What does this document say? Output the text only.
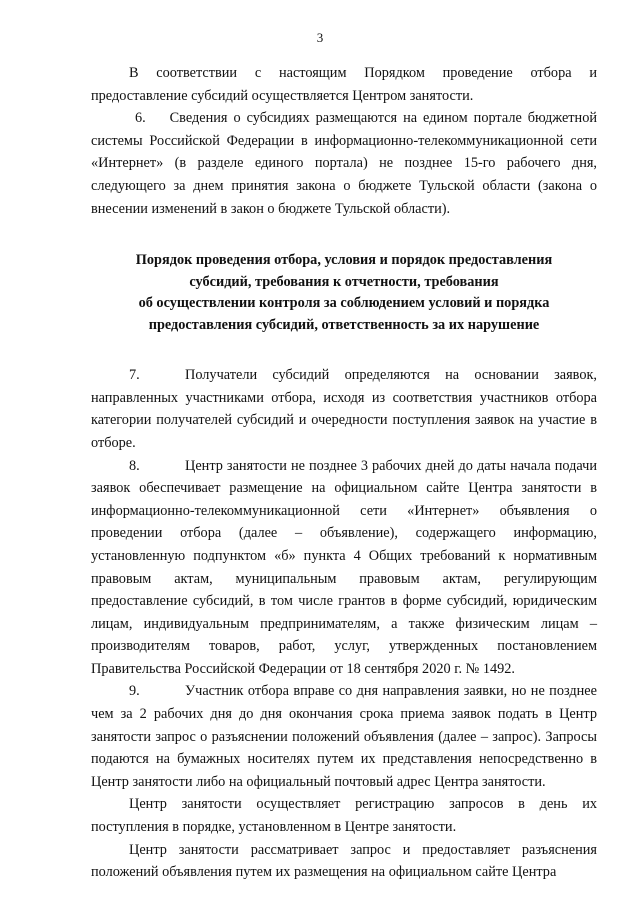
3

В соответствии с настоящим Порядком проведение отбора и предоставление субсидий осуществляется Центром занятости.

6. Сведения о субсидиях размещаются на едином портале бюджетной системы Российской Федерации в информационно-телекоммуникационной сети «Интернет» (в разделе единого портала) не позднее 15-го рабочего дня, следующего за днем принятия закона о бюджете Тульской области (закона о внесении изменений в закон о бюджете Тульской области).

Порядок проведения отбора, условия и порядок предоставления
субсидий, требования к отчетности, требования
об осуществлении контроля за соблюдением условий и порядка
предоставления субсидий, ответственность за их нарушение

7.	Получатели субсидий определяются на основании заявок, направленных участниками отбора, исходя из соответствия участников отбора категории получателей субсидий и очередности поступления заявок на участие в отборе.

8.	Центр занятости не позднее 3 рабочих дней до даты начала подачи заявок обеспечивает размещение на официальном сайте Центра занятости в информационно-телекоммуникационной сети «Интернет» объявления о проведении отбора (далее – объявление), содержащего информацию, установленную подпунктом «б» пункта 4 Общих требований к нормативным правовым актам, муниципальным правовым актам, регулирующим предоставление субсидий, в том числе грантов в форме субсидий, юридическим лицам, индивидуальным предпринимателям, а также физическим лицам – производителям товаров, работ, услуг, утвержденных постановлением Правительства Российской Федерации от 18 сентября 2020 г. № 1492.

9.	Участник отбора вправе со дня направления заявки, но не позднее чем за 2 рабочих дня до дня окончания срока приема заявок подать в Центр занятости запрос о разъяснении положений объявления (далее – запрос). Запросы подаются на бумажных носителях путем их представления непосредственно в Центр занятости либо на официальный почтовый адрес Центра занятости.

Центр занятости осуществляет регистрацию запросов в день их поступления в порядке, установленном в Центре занятости.

Центр занятости рассматривает запрос и предоставляет разъяснения положений объявления путем их размещения на официальном сайте Центра
